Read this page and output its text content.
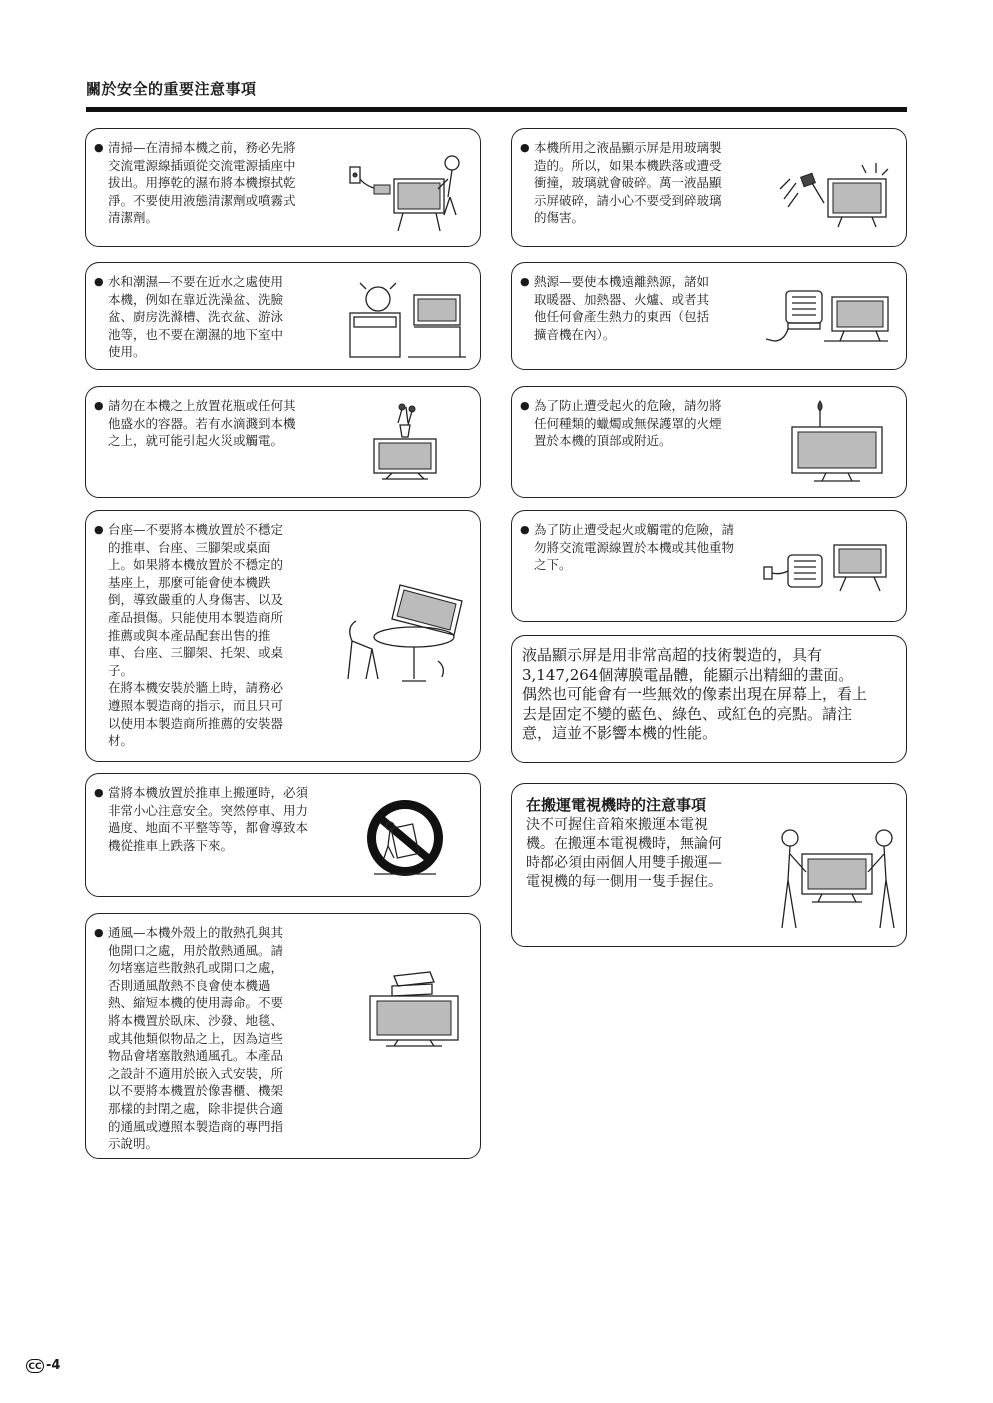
關於安全的重要注意事項
● 清掃—在清掃本機之前，務必先將

交流電源線插頭從交流電源插座中

拔出。用擰乾的濕布將本機擦拭乾

淨。不要使用液態清潔劑或噴霧式

清潔劑。

● 水和潮濕—不要在近水之處使用

本機，例如在靠近洗澡盆、洗臉

盆、廚房洗滌槽、洗衣盆、游泳

池等，也不要在潮濕的地下室中

使用。

● 請勿在本機之上放置花瓶或任何其

他盛水的容器。若有水滴濺到本機

之上，就可能引起火災或觸電。

● 台座—不要將本機放置於不穩定

的推車、台座、三腳架或桌面

上。如果將本機放置於不穩定的

基座上，那麼可能會使本機跌

倒，導致嚴重的人身傷害、以及

產品損傷。只能使用本製造商所

推薦或與本產品配套出售的推

車、台座、三腳架、托架、或桌

子。

在將本機安裝於牆上時，請務必

遵照本製造商的指示，而且只可

以使用本製造商所推薦的安裝器

材。

● 當將本機放置於推車上搬運時，必須

非常小心注意安全。突然停車、用力

過度、地面不平整等等，都會導致本

機從推車上跌落下來。

● 通風—本機外殼上的散熱孔與其

他開口之處，用於散熱通風。請

勿堵塞這些散熱孔或開口之處，

否則通風散熱不良會使本機過

熱、縮短本機的使用壽命。不要

將本機置於臥床、沙發、地毯、

或其他類似物品之上，因為這些

物品會堵塞散熱通風孔。本產品

之設計不適用於嵌入式安裝，所

以不要將本機置於像書櫃、機架

那樣的封閉之處，除非提供合適

的通風或遵照本製造商的專門指

示說明。

● 本機所用之液晶顯示屏是用玻璃製

造的。所以，如果本機跌落或遭受

衝撞，玻璃就會破碎。萬一液晶顯

示屏破碎，請小心不要受到碎玻璃

的傷害。

● 熱源—要使本機遠離熱源，諸如

取暖器、加熱器、火爐、或者其

他任何會產生熱力的東西（包括

擴音機在內）。

● 為了防止遭受起火的危險，請勿將

任何種類的蠟燭或無保護罩的火煙

置於本機的頂部或附近。

● 為了防止遭受起火或觸電的危險，請

勿將交流電源線置於本機或其他重物

之下。

液晶顯示屏是用非常高超的技術製造的，具有

3,147,264個薄膜電晶體，能顯示出精細的畫面。

偶然也可能會有一些無效的像素出現在屏幕上，看上

去是固定不變的藍色、綠色、或紅色的亮點。請注

意，這並不影響本機的性能。

在搬運電視機時的注意事項

決不可握住音箱來搬運本電視

機。在搬運本電視機時，無論何

時都必須由兩個人用雙手搬運—

電視機的每一側用一隻手握住。

CC -4
